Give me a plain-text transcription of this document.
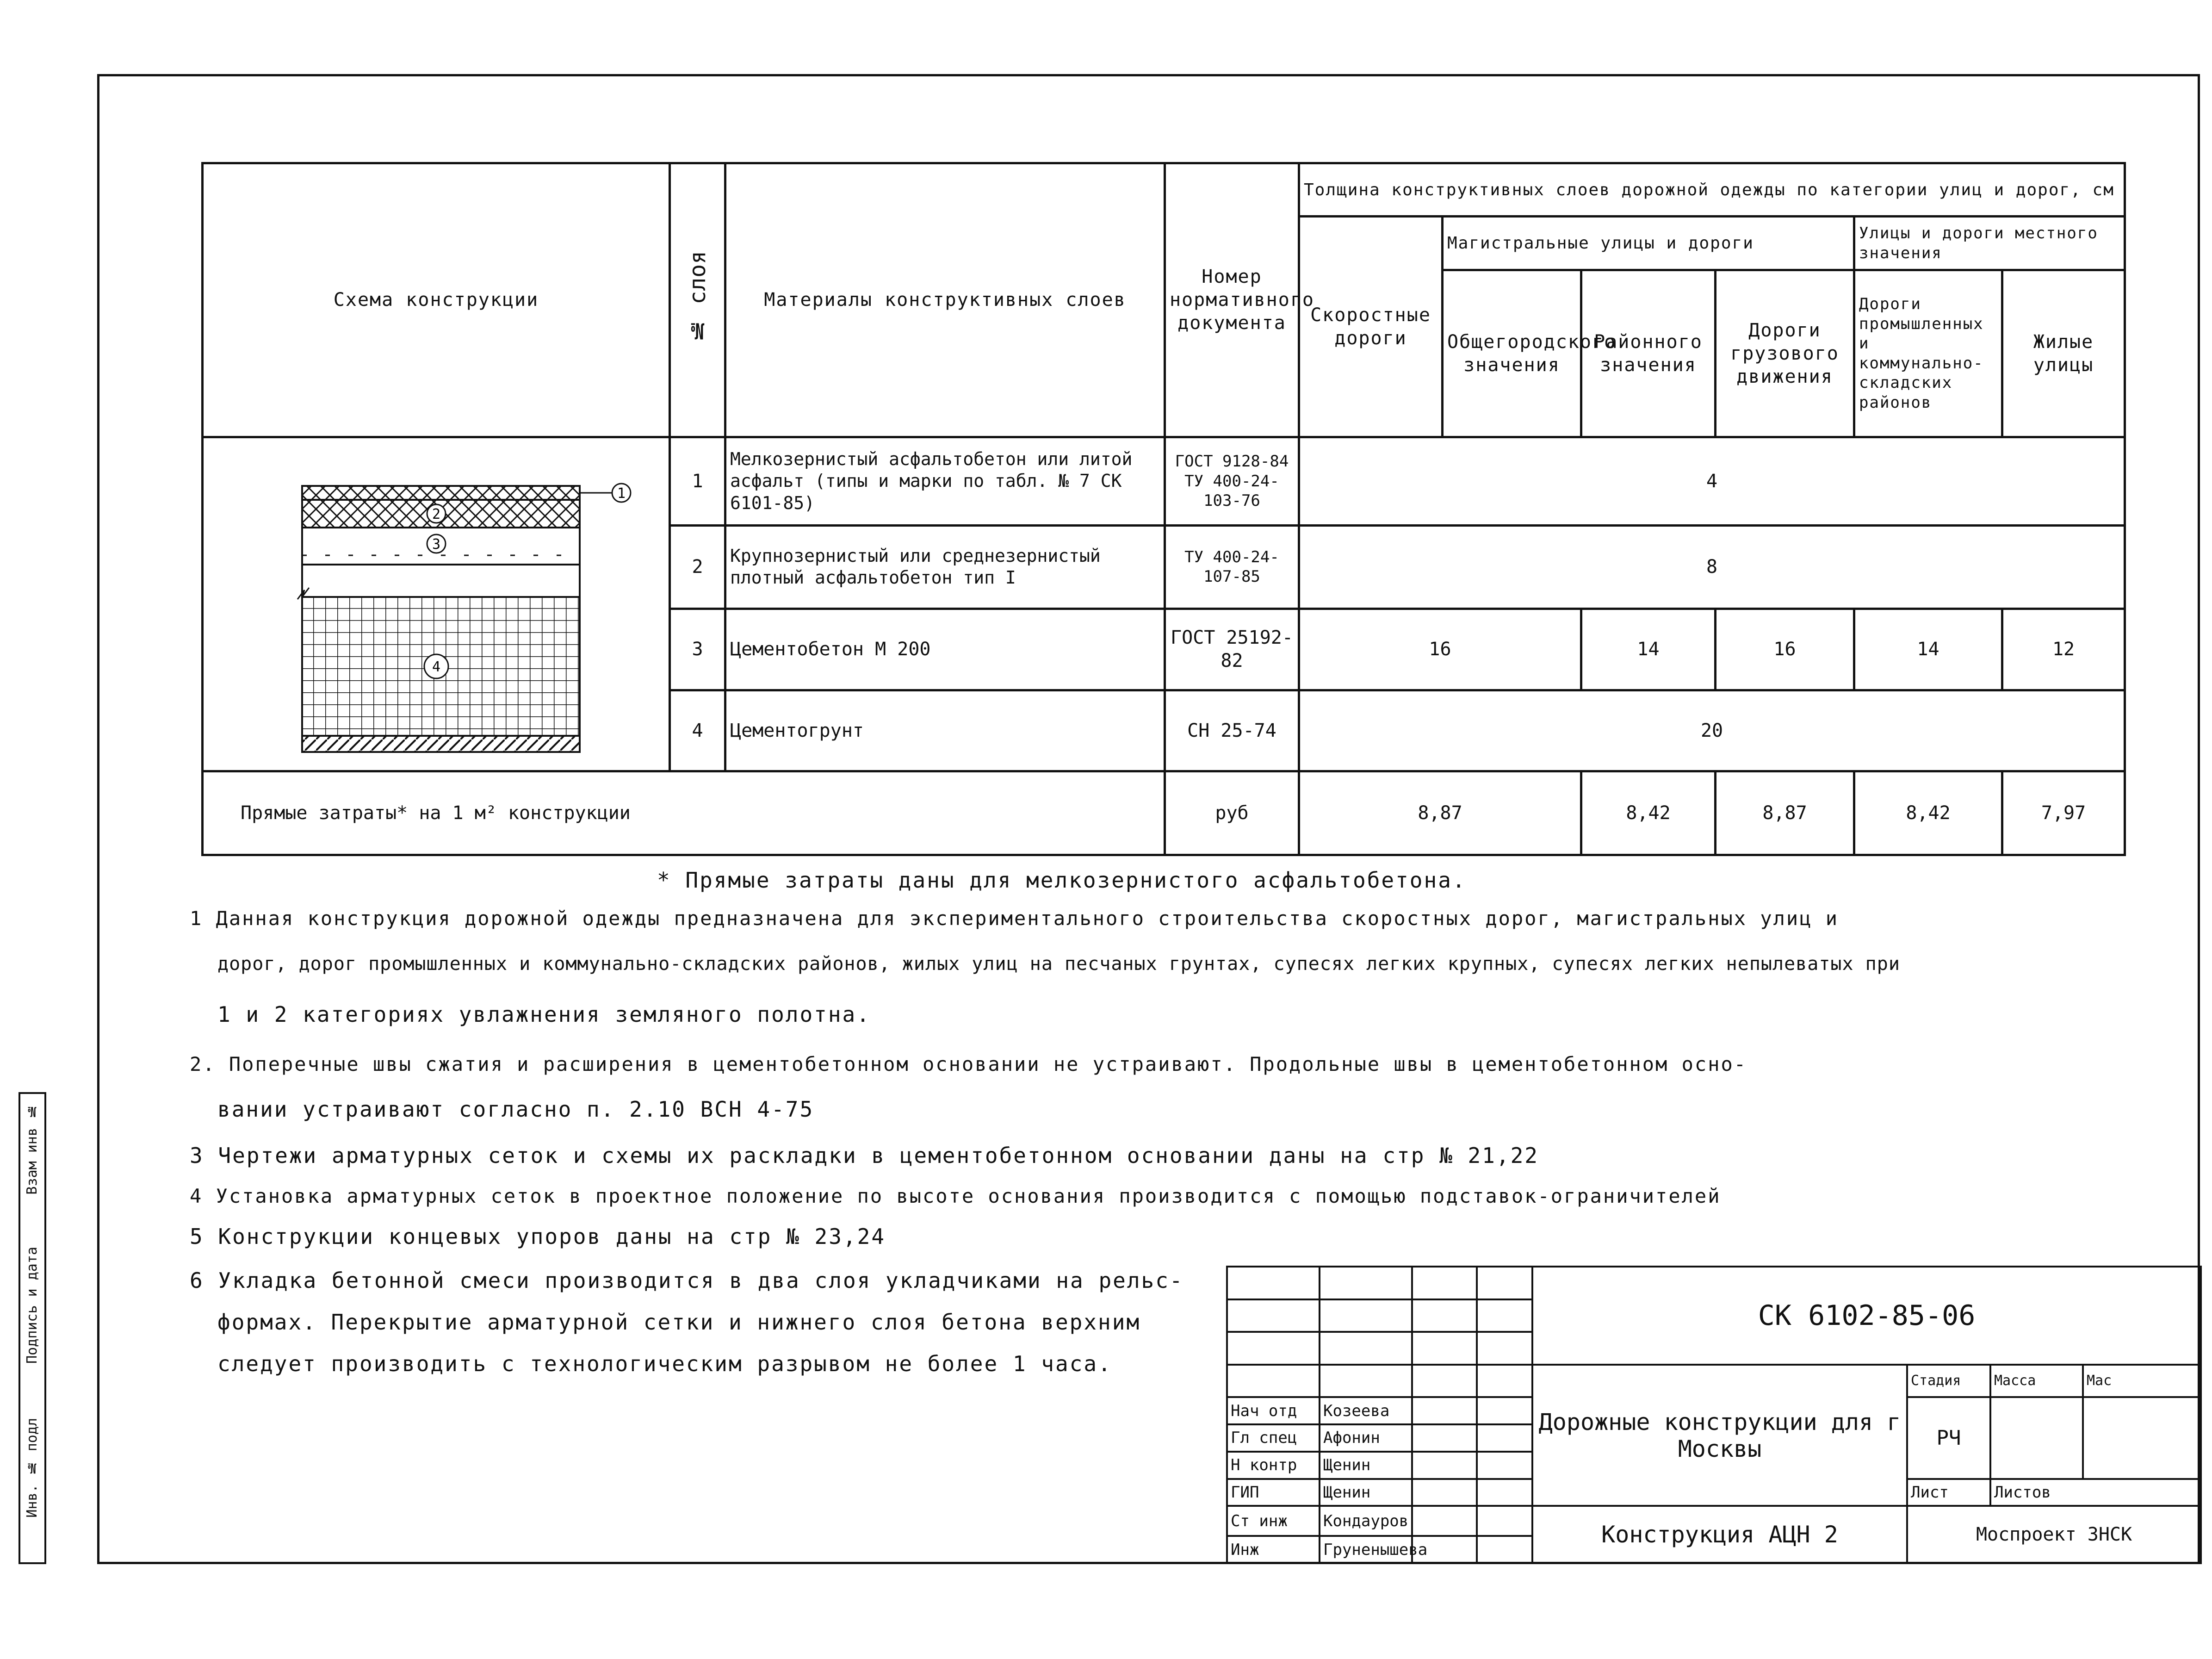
Инв. № подл
Подпись и дата
Взам инв №
Схема конструкции	№ слоя	Материалы конструктивных слоев	Номер нормативного документа	Толщина конструктивных слоев дорожной одежды по категории улиц и дорог, см					
				Скоростные дороги	Магистральные улицы и дороги			Улицы и дороги местного значения	
					Общегородского значения	Районного значения	Дороги грузового движения	Дороги промышленных и коммунально-складских районов	Жилые улицы

1
2
3
4	1	Мелкозернистый асфальтобетон или литой асфальт (типы и марки по табл. № 7 СК 6101-85)	ГОСТ 9128-84 ТУ 400-24-103-76	4					
	2	Крупнозернистый или среднезернистый плотный асфальтобетон тип I	ТУ 400-24-107-85	8					
	3	Цементобетон М 200	ГОСТ 25192-82	16		14	16	14	12
	4	Цементогрунт	СН 25-74	20					
Прямые затраты* на 1 м² конструкции			руб	8,87		8,42	8,87	8,42	7,97
* Прямые затраты даны для мелкозернистого асфальтобетона.
1 Данная конструкция дорожной одежды предназначена для экспериментального строительства скоростных дорог, магистральных улиц и
дорог, дорог промышленных и коммунально-складских районов, жилых улиц на песчаных грунтах, супесях легких крупных, супесях легких непылеватых при
1 и 2 категориях увлажнения земляного полотна.
2. Поперечные швы сжатия и расширения в цементобетонном основании не устраивают. Продольные швы в цементобетонном осно-
вании устраивают согласно п. 2.10 ВСН 4-75
3 Чертежи арматурных сеток и схемы их раскладки в цементобетонном основании даны на стр № 21,22
4 Установка арматурных сеток в проектное положение по высоте основания производится с помощью подставок-ограничителей
5 Конструкции концевых упоров даны на стр № 23,24
6 Укладка бетонной смеси производится в два слоя укладчиками на рельс-
формах. Перекрытие арматурной сетки и нижнего слоя бетона верхним
следует производить с технологическим разрывом не более 1 часа.
				СК 6102-85-06			

				Дорожные конструкции для г Москвы	Стадия	Масса	Мас
Нач отд	Козеева				РЧ		
Гл спец	Афонин						
Н контр	Щенин						
ГИП	Щенин				Лист	Листов	
Ст инж	Кондауров			Конструкция АЦН 2	Моспроект ЗНСК		
Инж	Груненышева						
